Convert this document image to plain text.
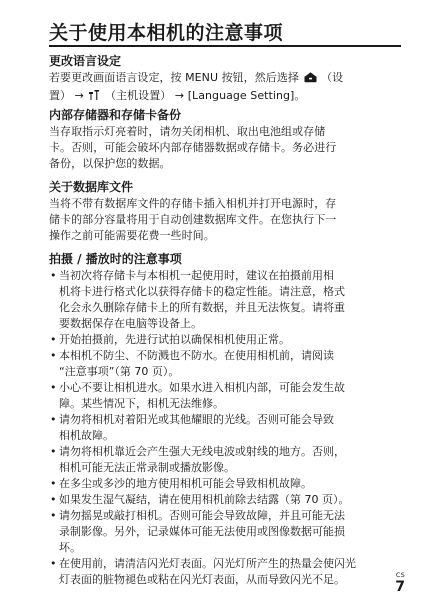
关于使用本相机的注意事项
更改语言设定
若要更改画面语言设定，按 MENU 按钮，然后选择 （设
置） → （主机设置） → [Language Setting]。
内部存储器和存储卡备份
当存取指示灯亮着时，请勿关闭相机、取出电池组或存储
卡。否则，可能会破坏内部存储器数据或存储卡。务必进行
备份，以保护您的数据。
关于数据库文件
当将不带有数据库文件的存储卡插入相机并打开电源时，存
储卡的部分容量将用于自动创建数据库文件。在您执行下一
操作之前可能需要花费一些时间。
拍摄 / 播放时的注意事项
• 当初次将存储卡与本相机一起使用时，建议在拍摄前用相
机将卡进行格式化以获得存储卡的稳定性能。请注意，格式
化会永久删除存储卡上的所有数据，并且无法恢复。请将重
要数据保存在电脑等设备上。
• 开始拍摄前，先进行试拍以确保相机使用正常。
• 本相机不防尘、不防溅也不防水。在使用相机前，请阅读
“注意事项”（第 70 页）。
• 小心不要让相机进水。如果水进入相机内部，可能会发生故
障。某些情况下，相机无法维修。
• 请勿将相机对着阳光或其他耀眼的光线。否则可能会导致
相机故障。
• 请勿将相机靠近会产生强大无线电波或射线的地方。否则，
相机可能无法正常录制或播放影像。
• 在多尘或多沙的地方使用相机可能会导致相机故障。
• 如果发生湿气凝结，请在使用相机前除去结露（第 70 页）。
• 请勿摇晃或敲打相机。否则可能会导致故障，并且可能无法
录制影像。另外，记录媒体可能无法使用或图像数据可能损
坏。
• 在使用前，请清洁闪光灯表面。闪光灯所产生的热量会使闪光
灯表面的脏物褪色或粘在闪光灯表面，从而导致闪光不足。	CS
7
